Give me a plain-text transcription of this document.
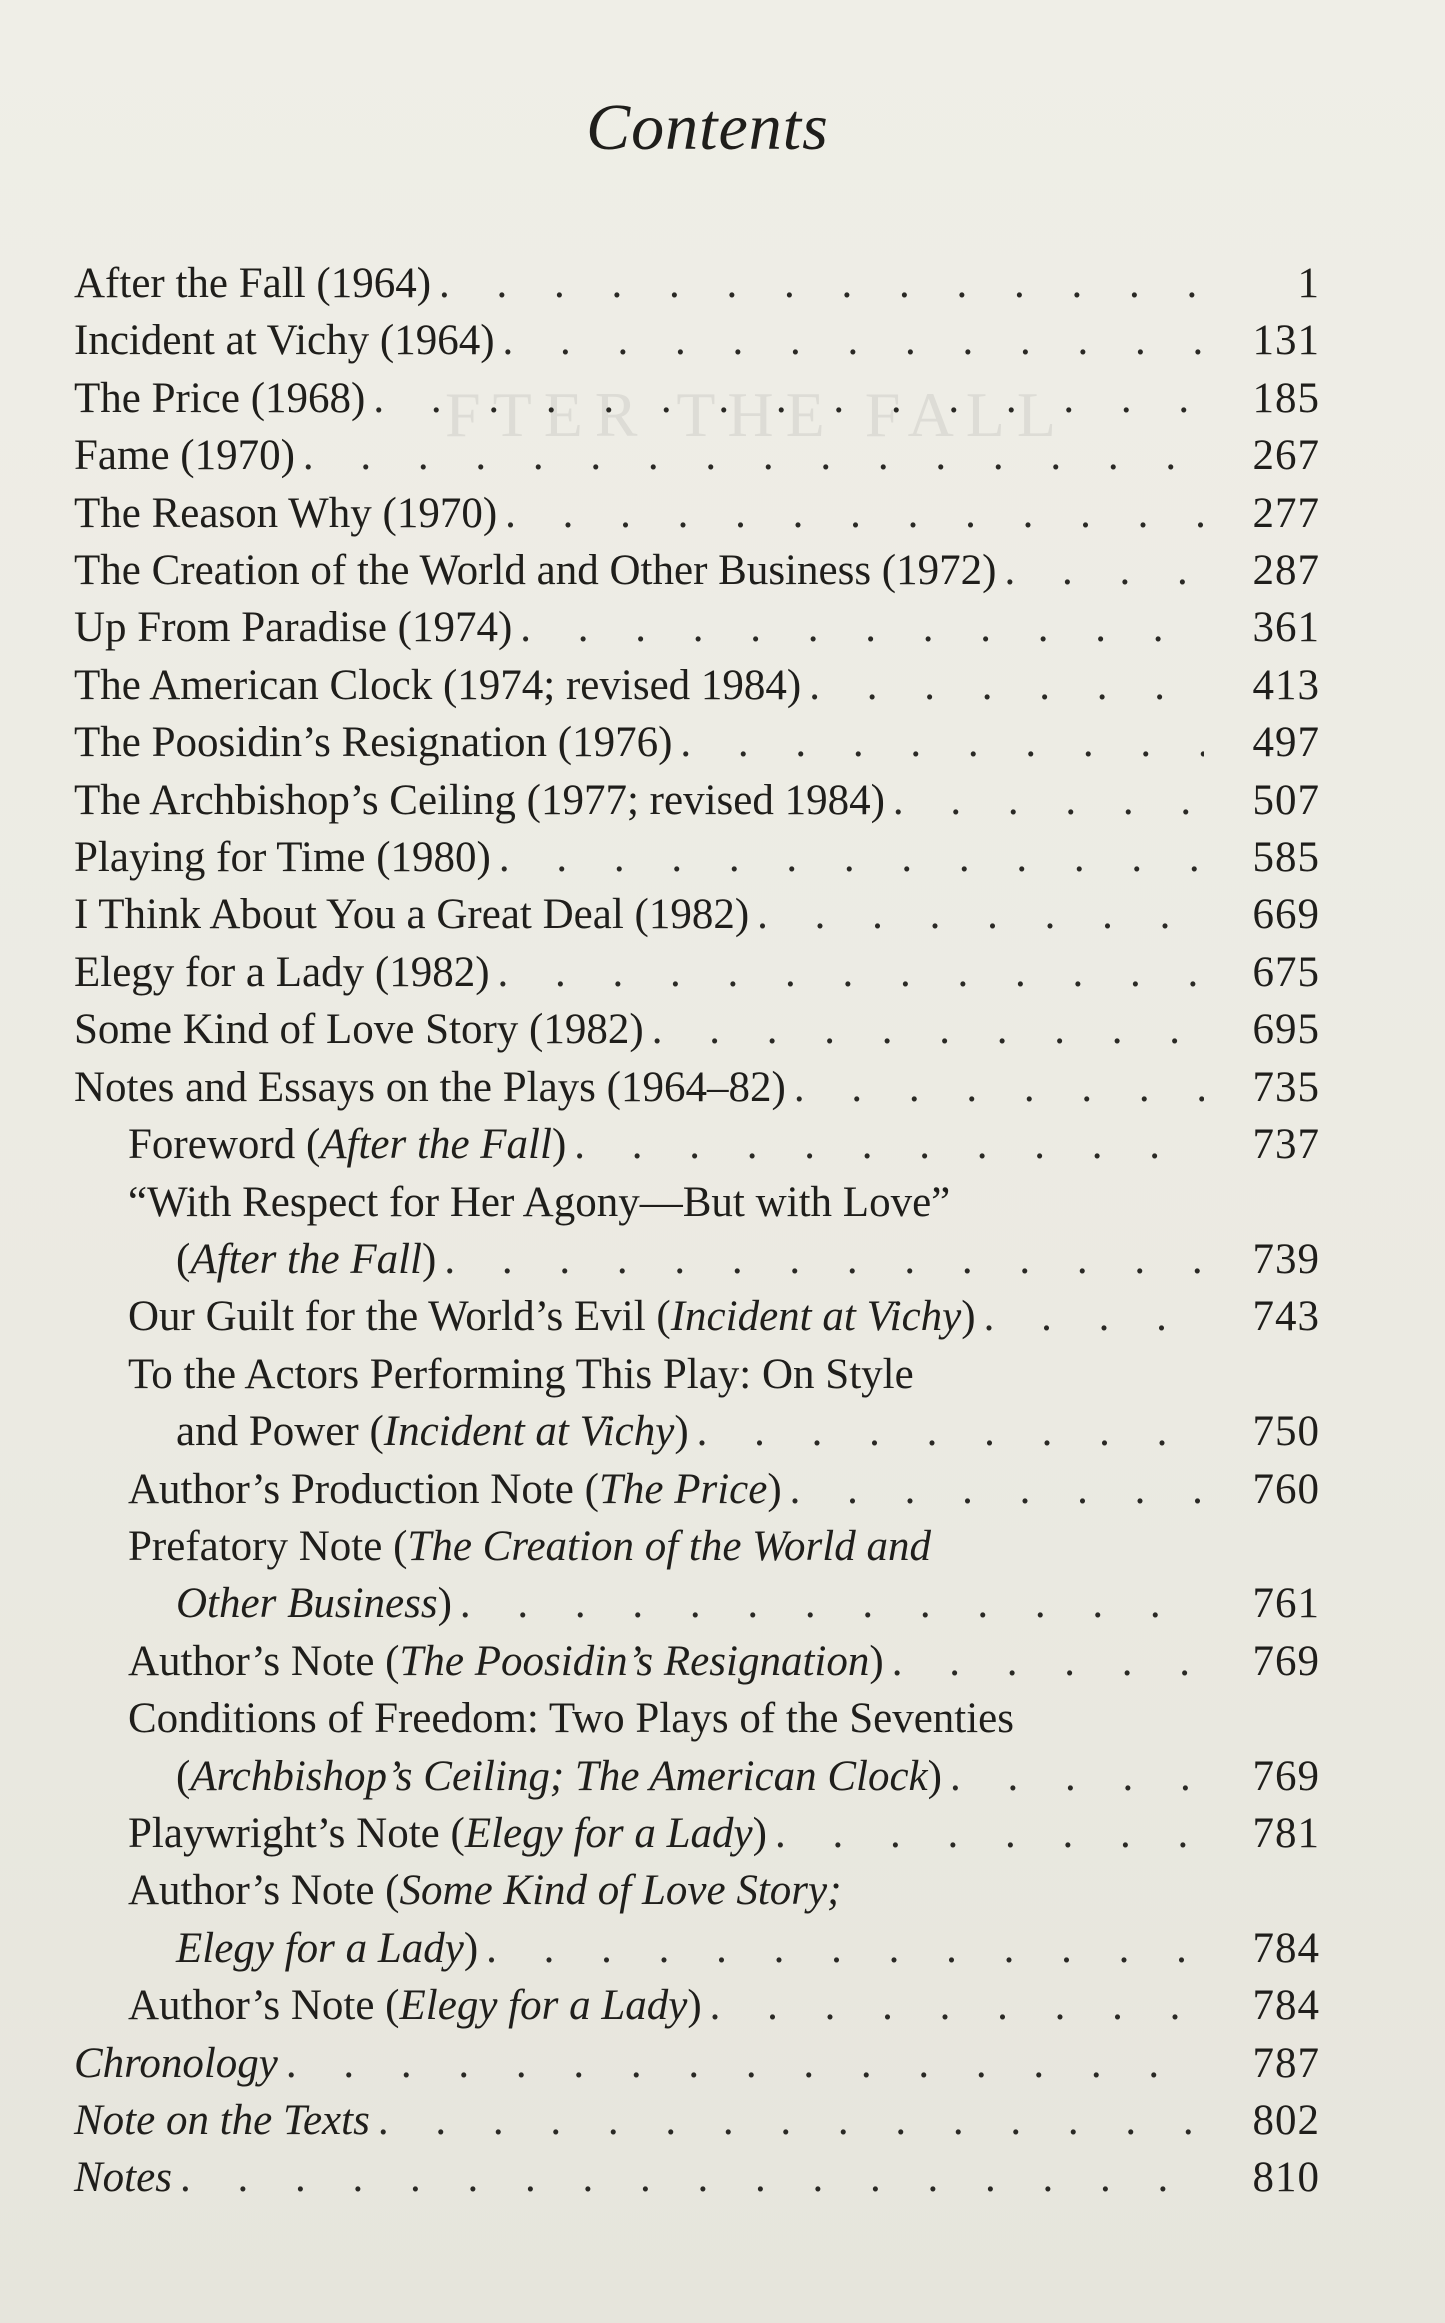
FTER THE FALL
Contents
After the Fall (1964) . . .	1
Incident at Vichy (1964) . . .	131
The Price (1968) . . .	185
Fame (1970) . . .	267
The Reason Why (1970) . . .	277
The Creation of the World and Other Business (1972) . . .	287
Up From Paradise (1974) . . .	361
The American Clock (1974; revised 1984) . . .	413
The Poosidin’s Resignation (1976) . . .	497
The Archbishop’s Ceiling (1977; revised 1984) . . .	507
Playing for Time (1980) . . .	585
I Think About You a Great Deal (1982) . . .	669
Elegy for a Lady (1982) . . .	675
Some Kind of Love Story (1982) . . .	695
Notes and Essays on the Plays (1964–82) . . .	735
Foreword (After the Fall) . . .	737
“With Respect for Her Agony—But with Love”
(After the Fall) . . .	739
Our Guilt for the World’s Evil (Incident at Vichy) . . .	743
To the Actors Performing This Play: On Style
and Power (Incident at Vichy) . . .	750
Author’s Production Note (The Price) . . .	760
Prefatory Note (The Creation of the World and
Other Business) . . .	761
Author’s Note (The Poosidin’s Resignation) . . .	769
Conditions of Freedom: Two Plays of the Seventies
(Archbishop’s Ceiling; The American Clock) . . .	769
Playwright’s Note (Elegy for a Lady) . . .	781
Author’s Note (Some Kind of Love Story;
Elegy for a Lady) . . .	784
Author’s Note (Elegy for a Lady) . . .	784
Chronology . . .	787
Note on the Texts . . .	802
Notes . . .	810
